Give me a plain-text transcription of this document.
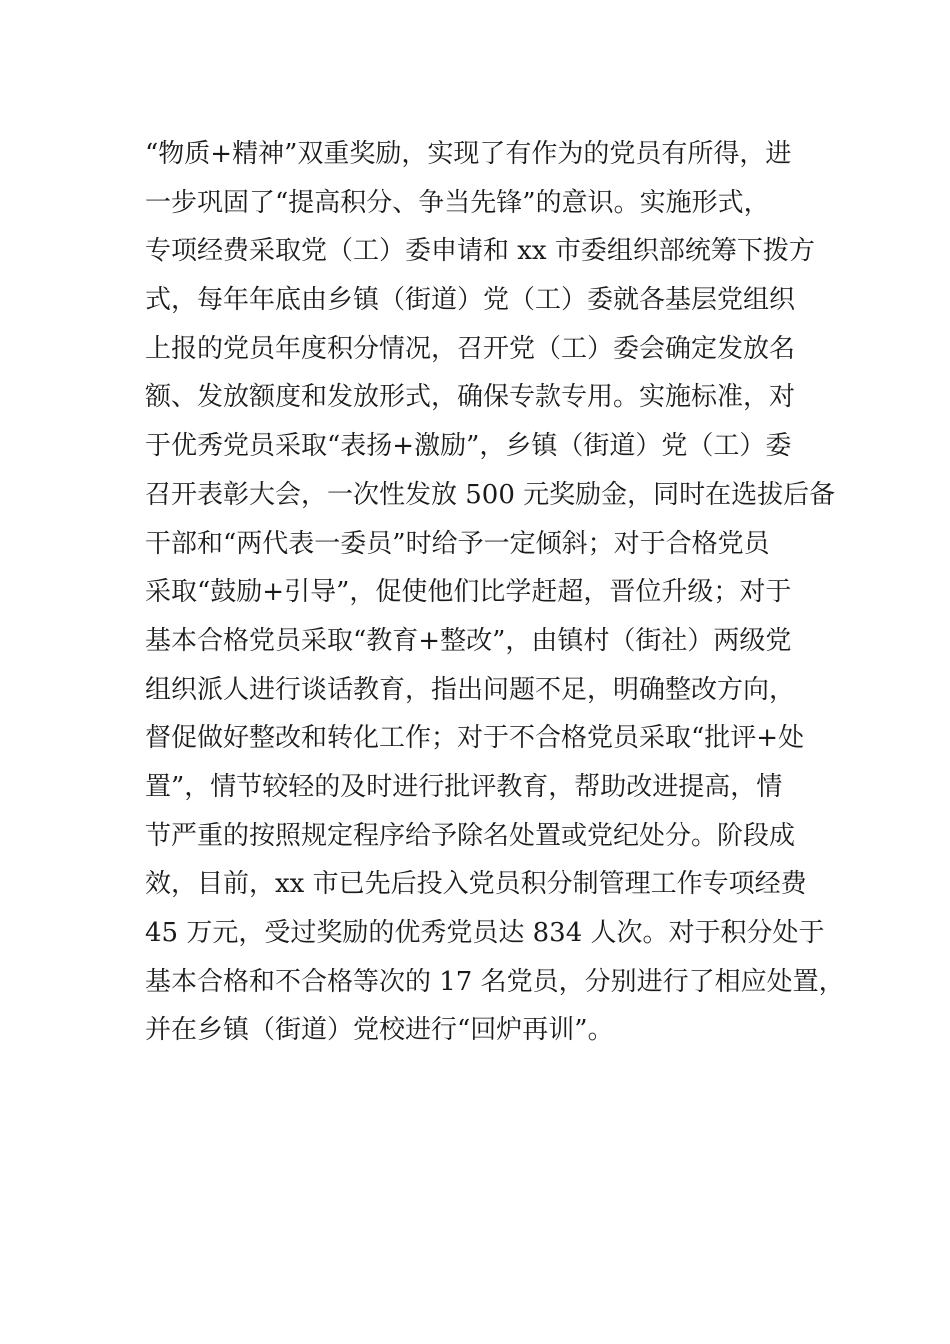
“物质+精神”双重奖励，实现了有作为的党员有所得，进
一步巩固了“提高积分、争当先锋”的意识。实施形式，
专项经费采取党（工）委申请和 xx 市委组织部统筹下拨方
式，每年年底由乡镇（街道）党（工）委就各基层党组织
上报的党员年度积分情况，召开党（工）委会确定发放名
额、发放额度和发放形式，确保专款专用。实施标准，对
于优秀党员采取“表扬+激励”，乡镇（街道）党（工）委
召开表彰大会，一次性发放 500 元奖励金，同时在选拔后备
干部和“两代表一委员”时给予一定倾斜；对于合格党员
采取“鼓励+引导”，促使他们比学赶超，晋位升级；对于
基本合格党员采取“教育+整改”，由镇村（街社）两级党
组织派人进行谈话教育，指出问题不足，明确整改方向，
督促做好整改和转化工作；对于不合格党员采取“批评+处
置”，情节较轻的及时进行批评教育，帮助改进提高，情
节严重的按照规定程序给予除名处置或党纪处分。阶段成
效，目前，xx 市已先后投入党员积分制管理工作专项经费
45 万元，受过奖励的优秀党员达 834 人次。对于积分处于
基本合格和不合格等次的 17 名党员，分别进行了相应处置，
并在乡镇（街道）党校进行“回炉再训”。
